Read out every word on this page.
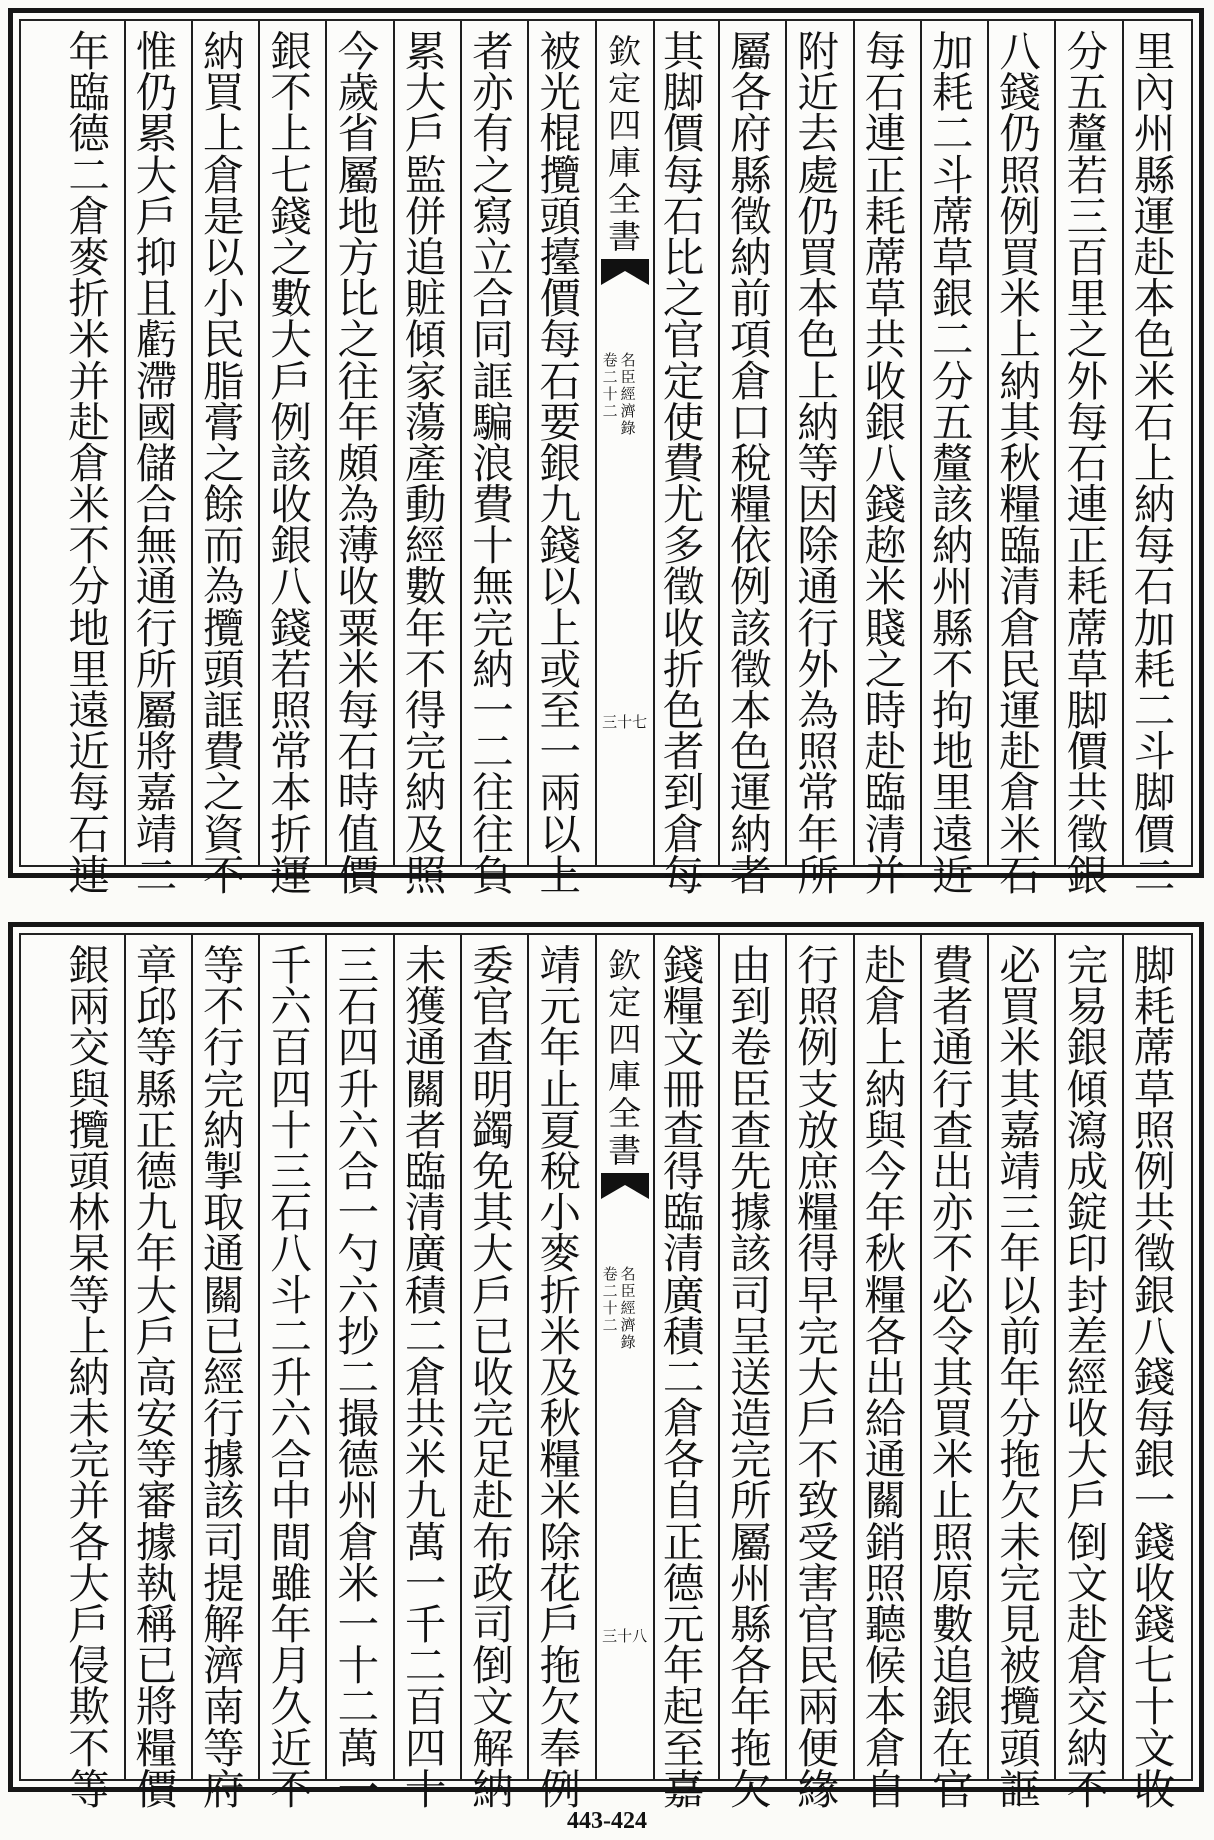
里
內
州
縣
運
赴
本
色
米
石
上
納
每
石
加
耗
二
斗
脚
價
二
分
五
釐
若
三
百
里
之
外
每
石
連
正
耗
蓆
草
脚
價
共
徵
銀
八
錢
仍
照
例
買
米
上
納
其
秋
糧
臨
清
倉
民
運
赴
倉
米
石
加
耗
二
斗
蓆
草
銀
二
分
五
釐
該
納
州
縣
不
拘
地
里
遠
近
每
石
連
正
耗
蓆
草
共
收
銀
八
錢
趂
米
賤
之
時
赴
臨
清
并
附
近
去
處
仍
買
本
色
上
納
等
因
除
通
行
外
為
照
常
年
所
屬
各
府
縣
徵
納
前
項
倉
口
稅
糧
依
例
該
徵
本
色
運
納
者
其
脚
價
每
石
比
之
官
定
使
費
尤
多
徵
收
折
色
者
到
倉
每
欽
定
四
庫
全
書
名
臣
經
濟
錄
卷
二
十
二
三十七
被
光
棍
攬
頭
擡
價
每
石
要
銀
九
錢
以
上
或
至
一
兩
以
上
者
亦
有
之
寫
立
合
同
誆
騙
浪
費
十
無
完
納
一
二
往
往
負
累
大
戶
監
併
追
賍
傾
家
蕩
產
動
經
數
年
不
得
完
納
及
照
今
歲
省
屬
地
方
比
之
往
年
頗
為
薄
收
粟
米
每
石
時
值
價
銀
不
上
七
錢
之
數
大
戶
例
該
收
銀
八
錢
若
照
常
本
折
運
納
買
上
倉
是
以
小
民
脂
膏
之
餘
而
為
攬
頭
誆
費
之
資
不
惟
仍
累
大
戶
抑
且
虧
滯
國
儲
合
無
通
行
所
屬
將
嘉
靖
二
年
臨
德
二
倉
麥
折
米
并
赴
倉
米
不
分
地
里
遠
近
每
石
連
脚
耗
蓆
草
照
例
共
徵
銀
八
錢
每
銀
一
錢
收
錢
七
十
文
收
完
易
銀
傾
瀉
成
錠
印
封
差
經
收
大
戶
倒
文
赴
倉
交
納
不
必
買
米
其
嘉
靖
三
年
以
前
年
分
拖
欠
未
完
見
被
攬
頭
誆
費
者
通
行
查
出
亦
不
必
令
其
買
米
止
照
原
數
追
銀
在
官
赴
倉
上
納
與
今
年
秋
糧
各
出
給
通
關
銷
照
聽
候
本
倉
自
行
照
例
支
放
庶
糧
得
早
完
大
戶
不
致
受
害
官
民
兩
便
緣
由
到
卷
臣
查
先
據
該
司
呈
送
造
完
所
屬
州
縣
各
年
拖
欠
錢
糧
文
冊
查
得
臨
清
廣
積
二
倉
各
自
正
德
元
年
起
至
嘉
欽
定
四
庫
全
書
名
臣
經
濟
錄
卷
二
十
二
三十八
靖
元
年
止
夏
稅
小
麥
折
米
及
秋
糧
米
除
花
戶
拖
欠
奉
例
委
官
查
明
蠲
免
其
大
戶
已
收
完
足
赴
布
政
司
倒
文
解
納
未
獲
通
關
者
臨
清
廣
積
二
倉
共
米
九
萬
一
千
二
百
四
十
三
石
四
升
六
合
一
勺
六
抄
二
撮
德
州
倉
米
一
十
二
萬
一
千
六
百
四
十
三
石
八
斗
二
升
六
合
中
間
雖
年
月
久
近
不
等
不
行
完
納
掣
取
通
關
已
經
行
據
該
司
提
解
濟
南
等
府
章
邱
等
縣
正
德
九
年
大
戶
高
安
等
審
據
執
稱
已
將
糧
價
銀
兩
交
與
攬
頭
林
杲
等
上
納
未
完
并
各
大
戶
侵
欺
不
等
443-424
